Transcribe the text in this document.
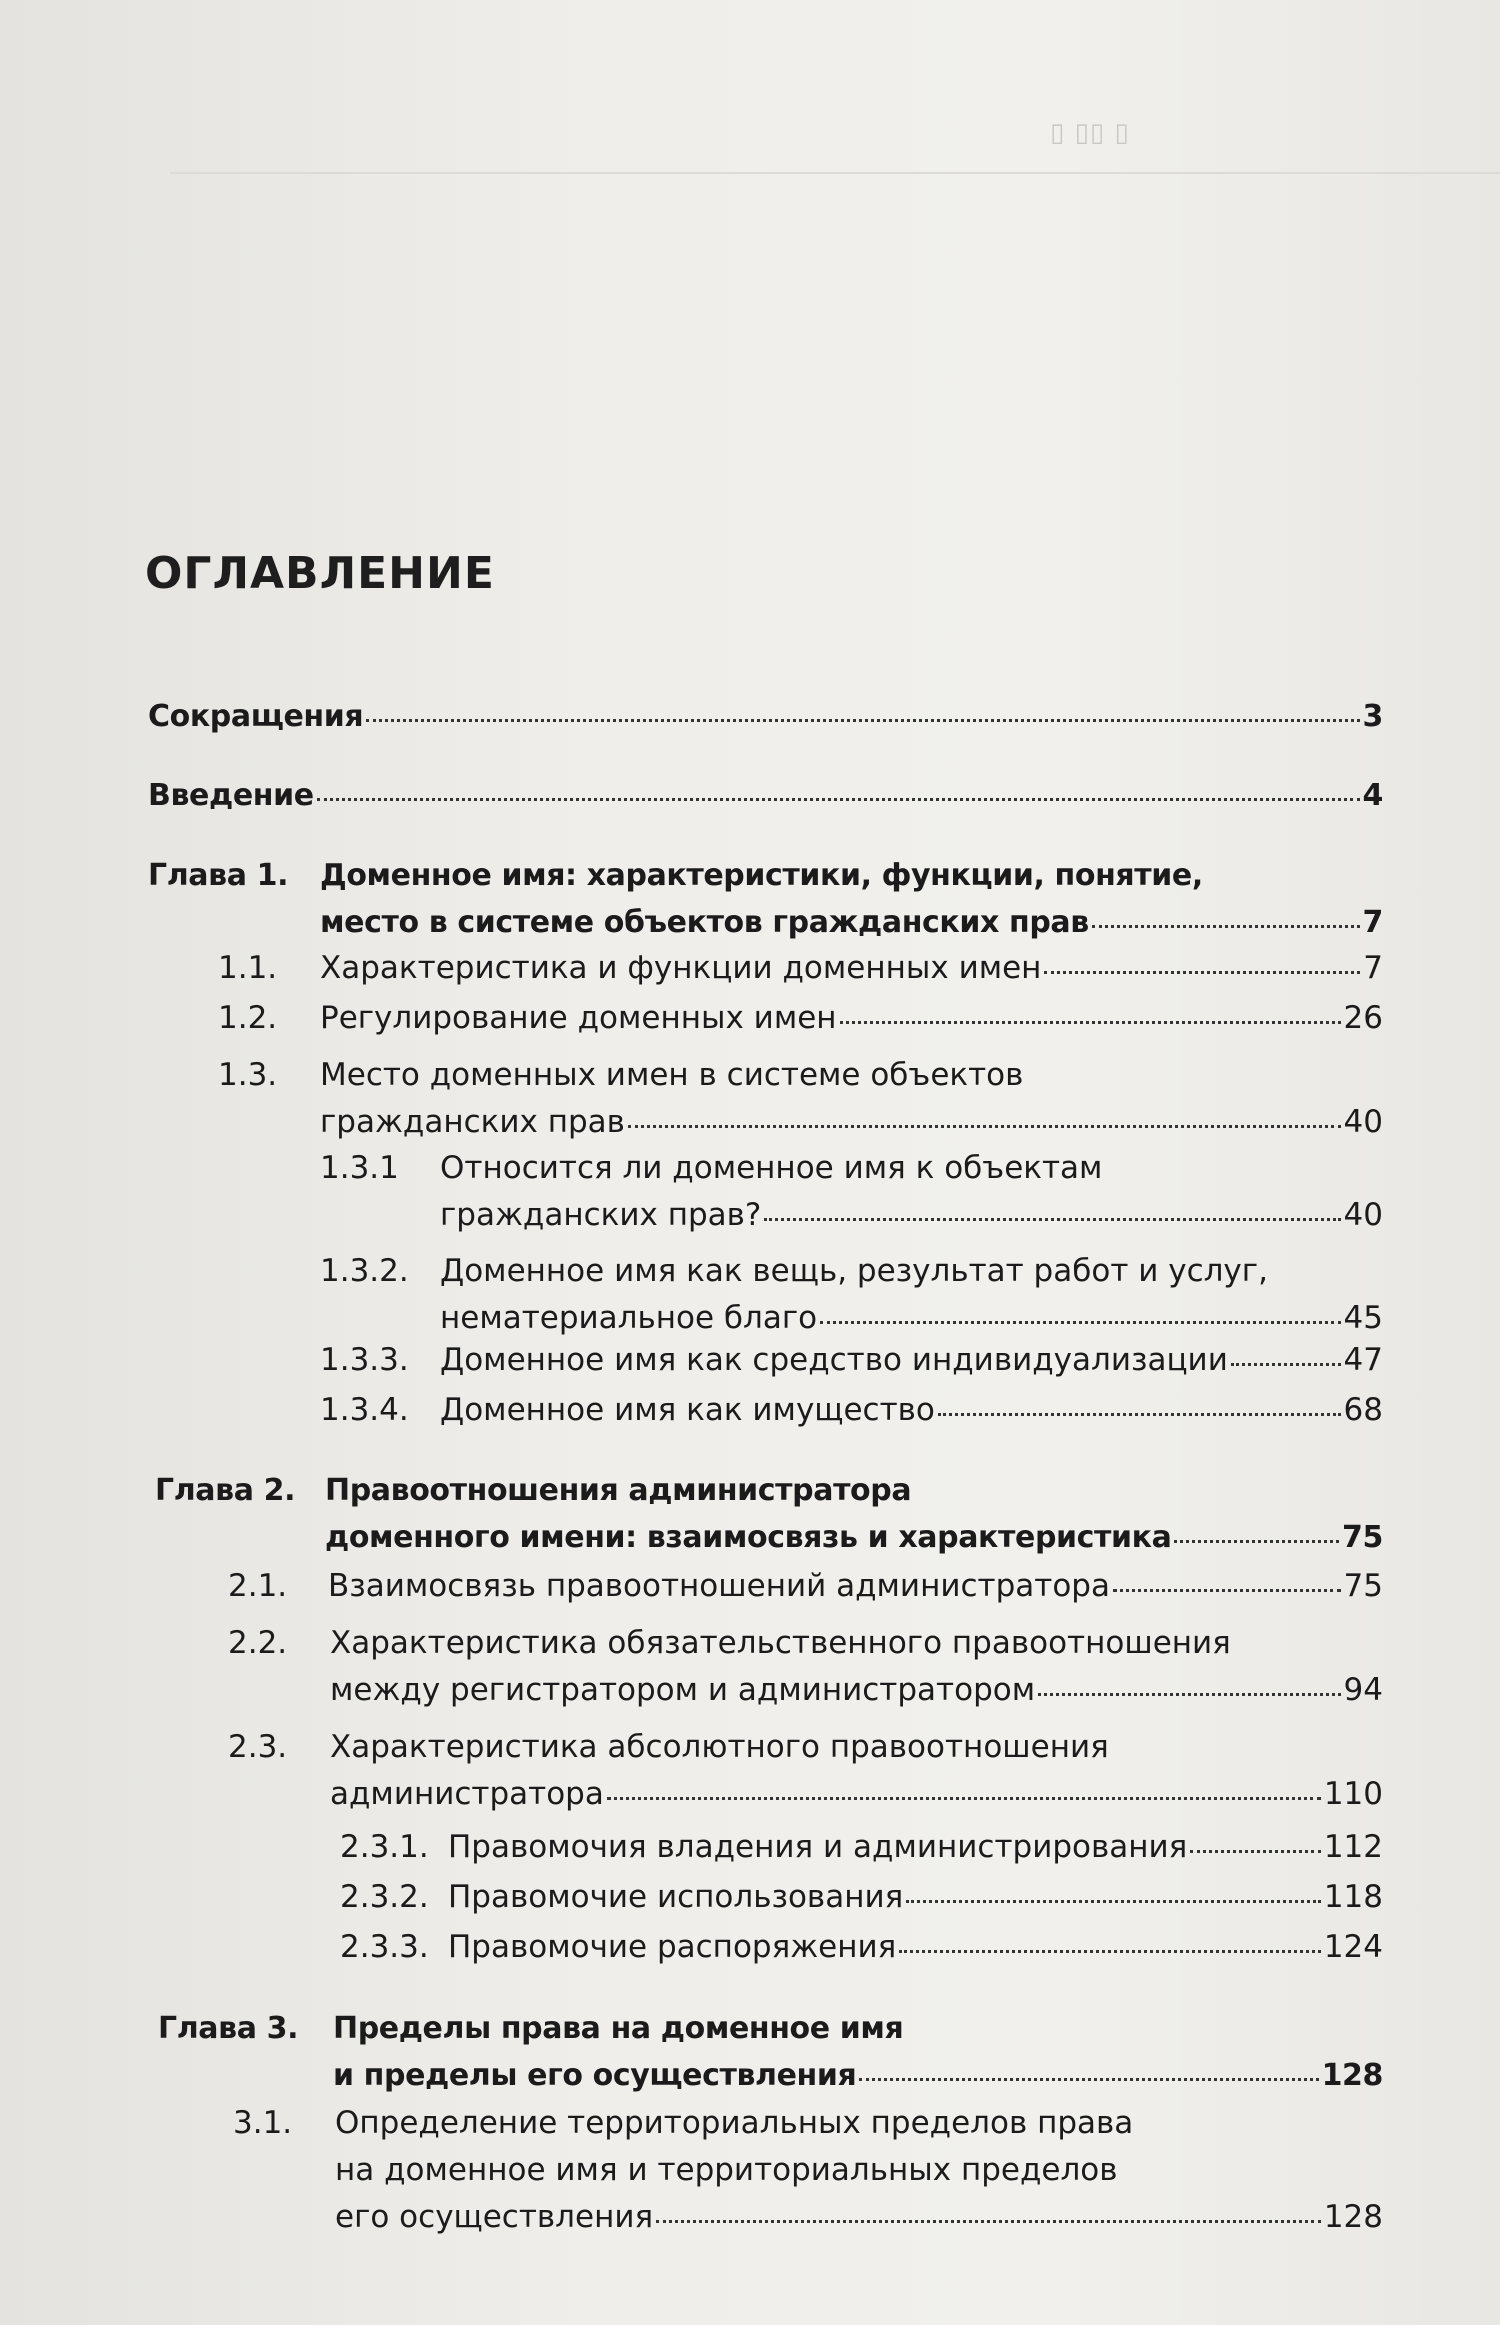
▯ ▯▯ ▯
ОГЛАВЛЕНИЕ
Сокращения	3
Введение	4
Глава 1. Доменное имя: характеристики, функции, понятие,
место в системе объектов гражданских прав	7
1.1. Характеристика и функции доменных имен	7
1.2. Регулирование доменных имен	26
1.3. Место доменных имен в системе объектов
гражданских прав	40
1.3.1 Относится ли доменное имя к объектам
гражданских прав?	40
1.3.2. Доменное имя как вещь, результат работ и услуг,
нематериальное благо	45
1.3.3. Доменное имя как средство индивидуализации	47
1.3.4. Доменное имя как имущество	68
Глава 2. Правоотношения администратора
доменного имени: взаимосвязь и характеристика	75
2.1. Взаимосвязь правоотношений администратора	75
2.2. Характеристика обязательственного правоотношения
между регистратором и администратором	94
2.3. Характеристика абсолютного правоотношения
администратора	110
2.3.1. Правомочия владения и администрирования	112
2.3.2. Правомочие использования	118
2.3.3. Правомочие распоряжения	124
Глава 3. Пределы права на доменное имя
и пределы его осуществления	128
3.1. Определение территориальных пределов права
на доменное имя и территориальных пределов
его осуществления	128
